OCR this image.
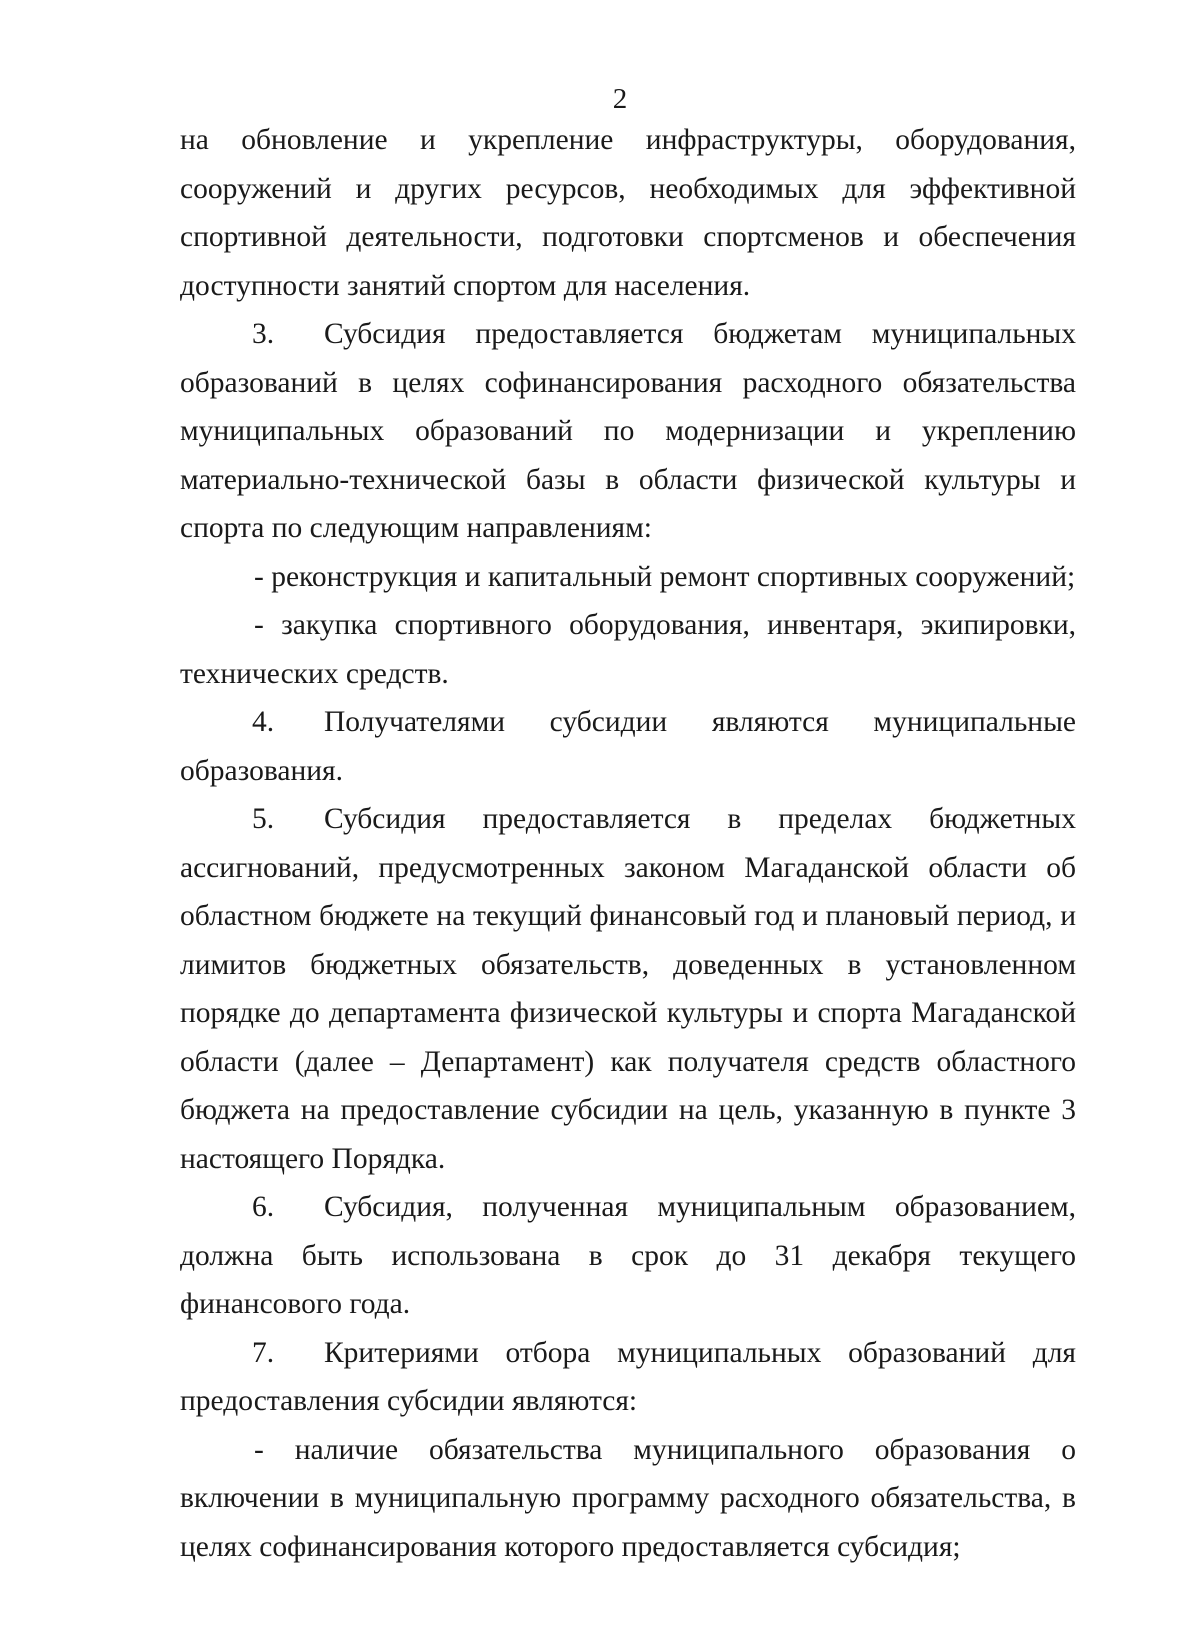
2

на обновление и укрепление инфраструктуры, оборудования, сооружений и других ресурсов, необходимых для эффективной спортивной деятельности, подготовки спортсменов и обеспечения доступности занятий спортом для населения.

3. Субсидия предоставляется бюджетам муниципальных образований в целях софинансирования расходного обязательства муниципальных образований по модернизации и укреплению материально-технической базы в области физической культуры и спорта по следующим направлениям:

- реконструкция и капитальный ремонт спортивных сооружений;

- закупка спортивного оборудования, инвентаря, экипировки, технических средств.

4. Получателями субсидии являются муниципальные образования.

5. Субсидия предоставляется в пределах бюджетных ассигнований, предусмотренных законом Магаданской области об областном бюджете на текущий финансовый год и плановый период, и лимитов бюджетных обязательств, доведенных в установленном порядке до департамента физической культуры и спорта Магаданской области (далее – Департамент) как получателя средств областного бюджета на предоставление субсидии на цель, указанную в пункте 3 настоящего Порядка.

6. Субсидия, полученная муниципальным образованием, должна быть использована в срок до 31 декабря текущего финансового года.

7. Критериями отбора муниципальных образований для предоставления субсидии являются:

- наличие обязательства муниципального образования о включении в муниципальную программу расходного обязательства, в целях софинансирования которого предоставляется субсидия;
